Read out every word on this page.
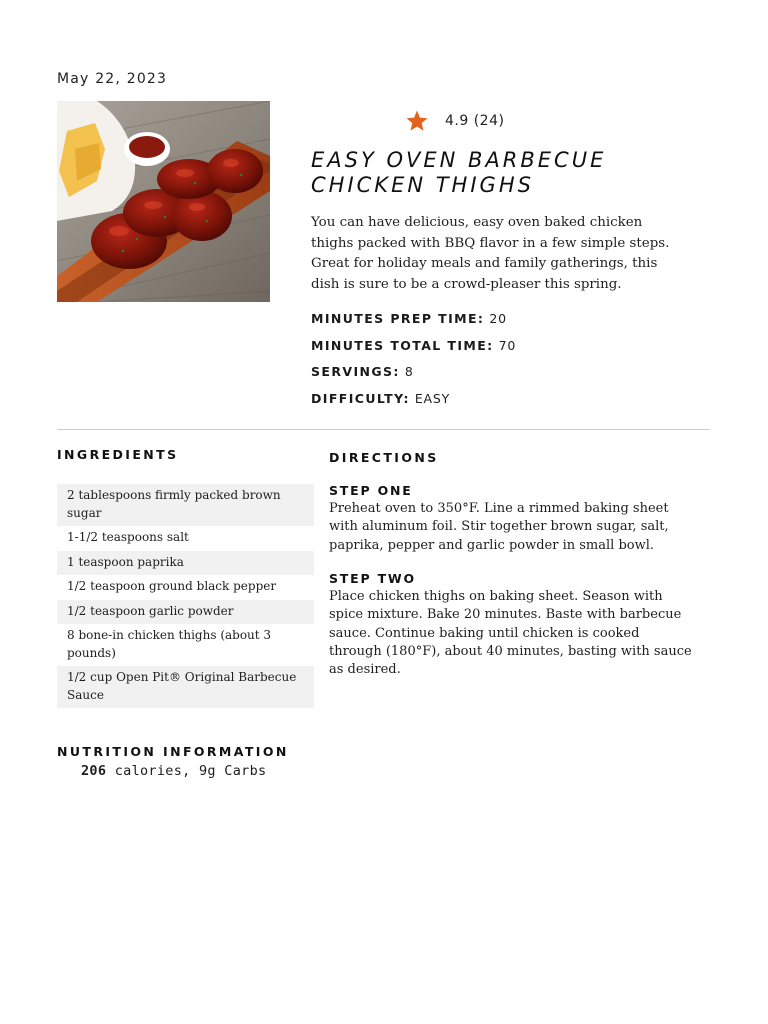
May 22, 2023
4.9 (24)
EASY OVEN BARBECUE
CHICKEN THIGHS

You can have delicious, easy oven baked chicken thighs packed with BBQ flavor in a few simple steps. Great for holiday meals and family gatherings, this dish is sure to be a crowd-pleaser this spring.

MINUTES PREP TIME: 20
MINUTES TOTAL TIME: 70
SERVINGS: 8
DIFFICULTY: EASY
INGREDIENTS
2 tablespoons firmly packed brown sugar
1-1/2 teaspoons salt
1 teaspoon paprika
1/2 teaspoon ground black pepper
1/2 teaspoon garlic powder
8 bone-in chicken thighs (about 3 pounds)
1/2 cup Open Pit® Original Barbecue Sauce
DIRECTIONS
STEP ONE

Preheat oven to 350°F. Line a rimmed baking sheet with aluminum foil. Stir together brown sugar, salt, paprika, pepper and garlic powder in small bowl.

STEP TWO

Place chicken thighs on baking sheet. Season with spice mixture. Bake 20 minutes. Baste with barbecue sauce. Continue baking until chicken is cooked through (180°F), about 40 minutes, basting with sauce as desired.

NUTRITION INFORMATION
206 calories, 9g Carbs
